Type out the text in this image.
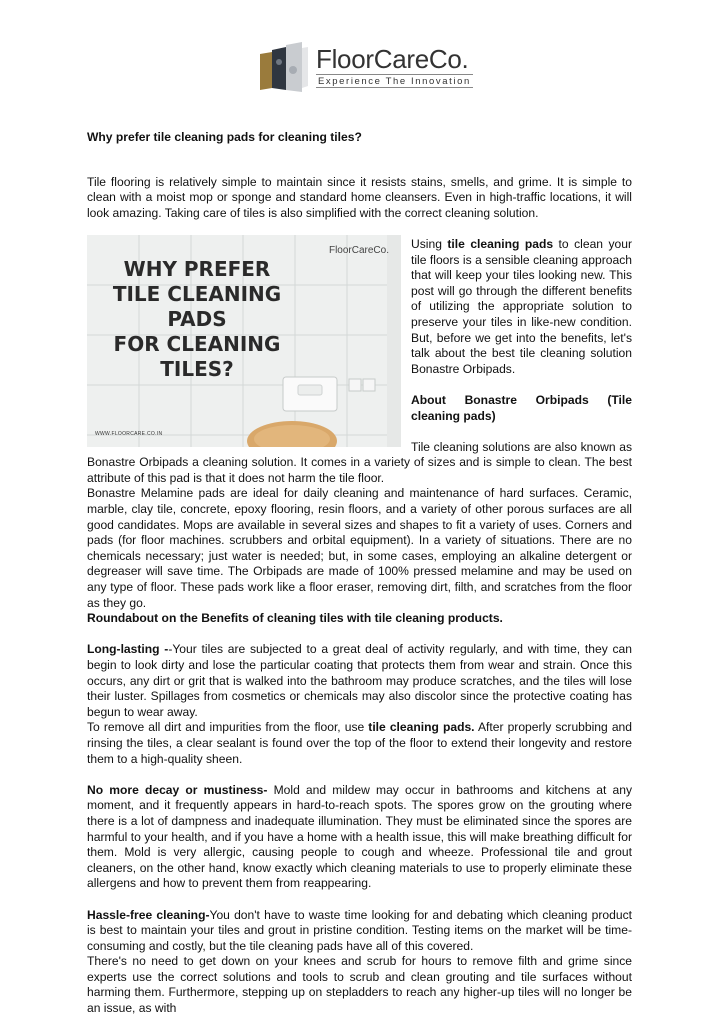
FloorCareCo.
Experience The Innovation

Why prefer tile cleaning pads for cleaning tiles?

Tile flooring is relatively simple to maintain since it resists stains, smells, and grime. It is simple to clean with a moist mop or sponge and standard home cleansers. Even in high-traffic locations, it will look amazing. Taking care of tiles is also simplified with the correct cleaning solution.

WHY PREFER
TILE CLEANING PADS
FOR CLEANING TILES?
FloorCareCo.
WWW.FLOORCARE.CO.IN

Using tile cleaning pads to clean your tile floors is a sensible cleaning approach that will keep your tiles looking new. This post will go through the different benefits of utilizing the appropriate solution to preserve your tiles in like-new condition. But, before we get into the benefits, let's talk about the best tile cleaning solution Bonastre Orbipads.

About Bonastre Orbipads (Tile cleaning pads)

Tile cleaning solutions are also known as Bonastre Orbipads a cleaning solution. It comes in a variety of sizes and is simple to clean. The best attribute of this pad is that it does not harm the tile floor.

Bonastre Melamine pads are ideal for daily cleaning and maintenance of hard surfaces. Ceramic, marble, clay tile, concrete, epoxy flooring, resin floors, and a variety of other porous surfaces are all good candidates. Mops are available in several sizes and shapes to fit a variety of uses. Corners and pads (for floor machines. scrubbers and orbital equipment). In a variety of situations. There are no chemicals necessary; just water is needed; but, in some cases, employing an alkaline detergent or degreaser will save time. The Orbipads are made of 100% pressed melamine and may be used on any type of floor. These pads work like a floor eraser, removing dirt, filth, and scratches from the floor as they go.

Roundabout on the Benefits of cleaning tiles with tile cleaning products.

Long-lasting --Your tiles are subjected to a great deal of activity regularly, and with time, they can begin to look dirty and lose the particular coating that protects them from wear and strain. Once this occurs, any dirt or grit that is walked into the bathroom may produce scratches, and the tiles will lose their luster. Spillages from cosmetics or chemicals may also discolor since the protective coating has begun to wear away.

To remove all dirt and impurities from the floor, use tile cleaning pads. After properly scrubbing and rinsing the tiles, a clear sealant is found over the top of the floor to extend their longevity and restore them to a high-quality sheen.

No more decay or mustiness- Mold and mildew may occur in bathrooms and kitchens at any moment, and it frequently appears in hard-to-reach spots. The spores grow on the grouting where there is a lot of dampness and inadequate illumination. They must be eliminated since the spores are harmful to your health, and if you have a home with a health issue, this will make breathing difficult for them. Mold is very allergic, causing people to cough and wheeze. Professional tile and grout cleaners, on the other hand, know exactly which cleaning materials to use to properly eliminate these allergens and how to prevent them from reappearing.

Hassle-free cleaning-You don't have to waste time looking for and debating which cleaning product is best to maintain your tiles and grout in pristine condition. Testing items on the market will be time-consuming and costly, but the tile cleaning pads have all of this covered.

There's no need to get down on your knees and scrub for hours to remove filth and grime since experts use the correct solutions and tools to scrub and clean grouting and tile surfaces without harming them. Furthermore, stepping up on stepladders to reach any higher-up tiles will no longer be an issue, as with
